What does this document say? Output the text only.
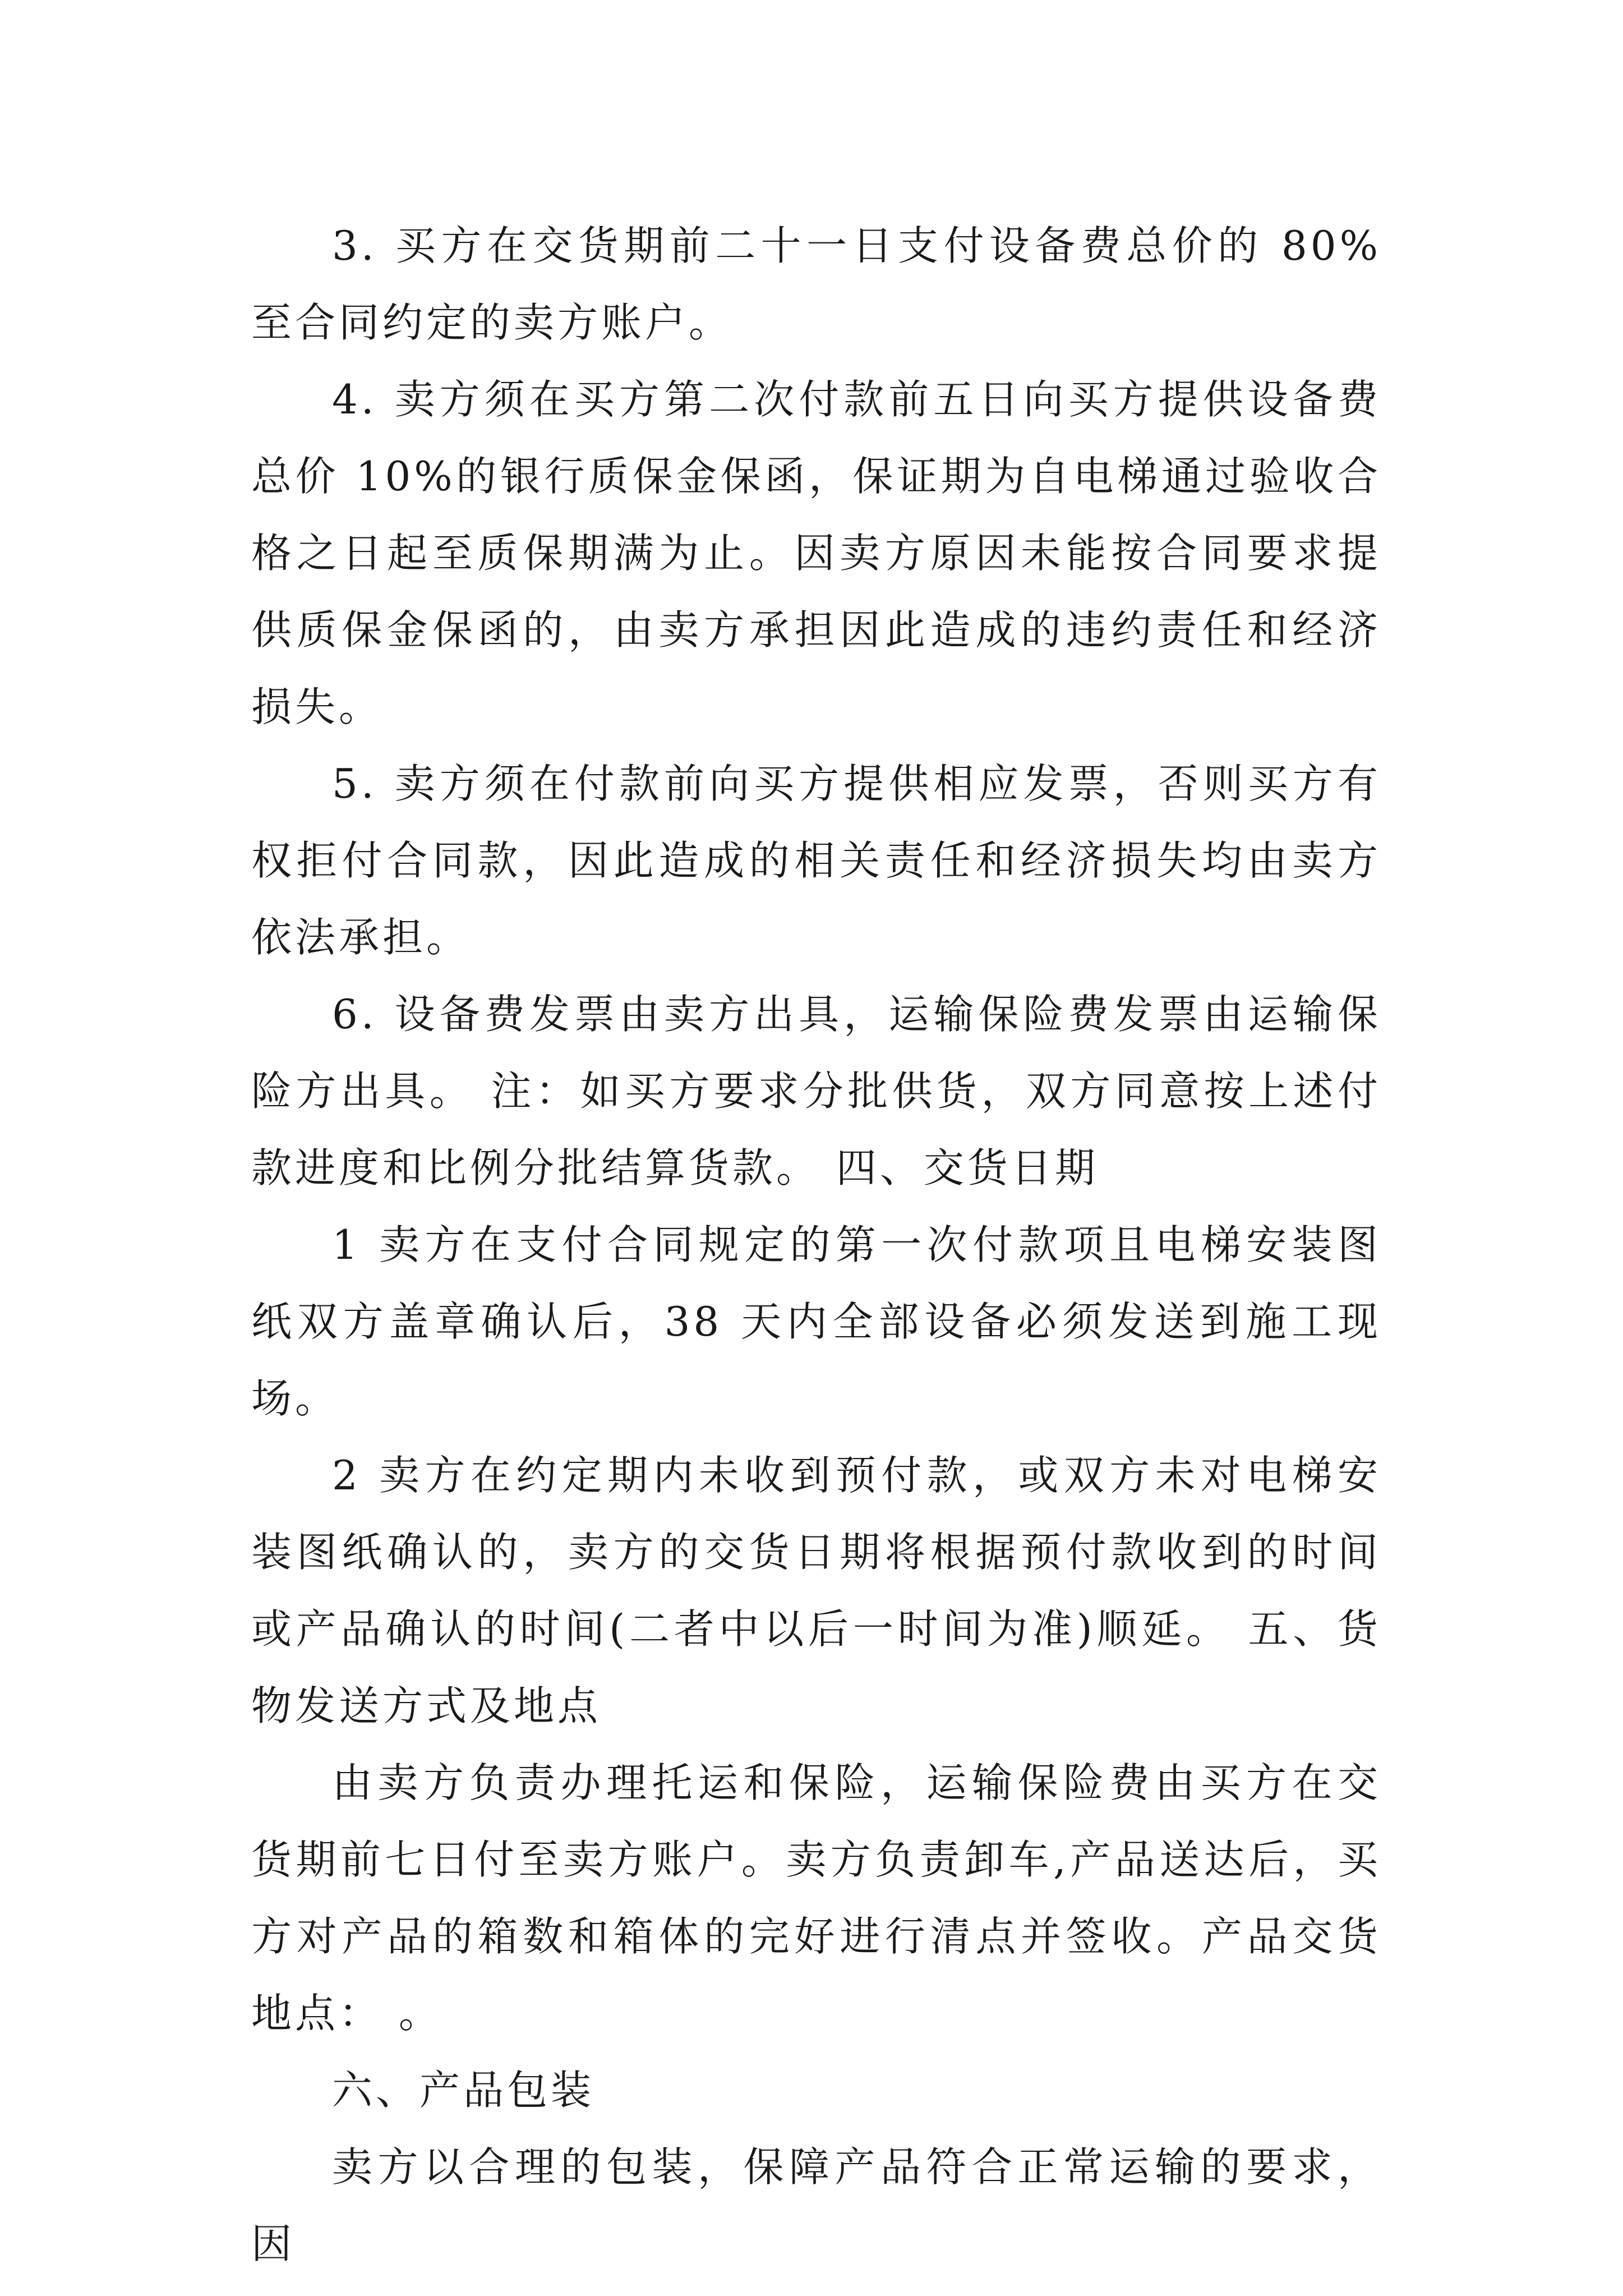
3. 买方在交货期前二十一日支付设备费总价的 80%至合同约定的卖方账户。

4. 卖方须在买方第二次付款前五日向买方提供设备费总价 10%的银行质保金保函，保证期为自电梯通过验收合格之日起至质保期满为止。因卖方原因未能按合同要求提供质保金保函的，由卖方承担因此造成的违约责任和经济损失。

5. 卖方须在付款前向买方提供相应发票，否则买方有权拒付合同款，因此造成的相关责任和经济损失均由卖方依法承担。

6. 设备费发票由卖方出具，运输保险费发票由运输保险方出具。 注：如买方要求分批供货，双方同意按上述付款进度和比例分批结算货款。 四、交货日期

1 卖方在支付合同规定的第一次付款项且电梯安装图纸双方盖章确认后，38 天内全部设备必须发送到施工现场。

2 卖方在约定期内未收到预付款，或双方未对电梯安装图纸确认的，卖方的交货日期将根据预付款收到的时间或产品确认的时间(二者中以后一时间为准)顺延。 五、货物发送方式及地点

由卖方负责办理托运和保险，运输保险费由买方在交货期前七日付至卖方账户。卖方负责卸车,产品送达后，买方对产品的箱数和箱体的完好进行清点并签收。产品交货地点： 。

六、产品包装

卖方以合理的包装，保障产品符合正常运输的要求，因
